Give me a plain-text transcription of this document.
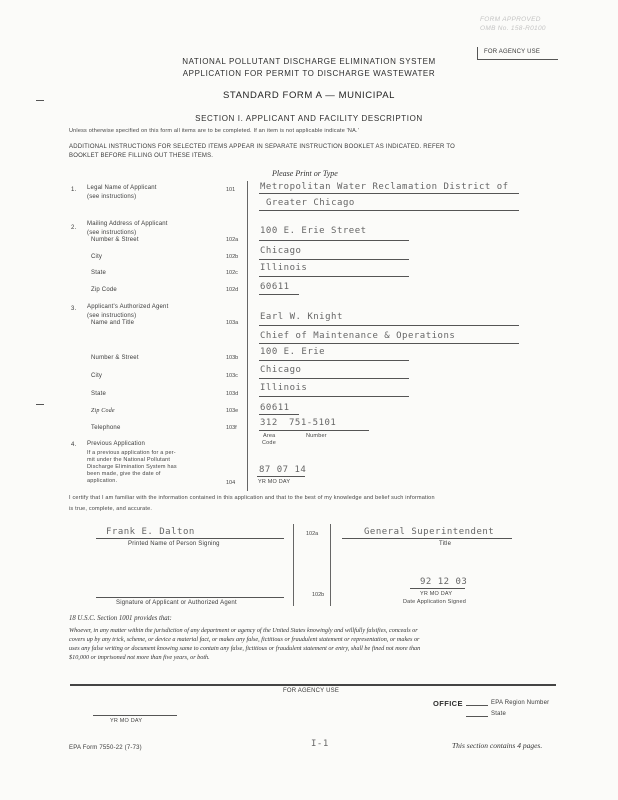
FORM APPROVED
OMB No. 158-R0100
FOR AGENCY USE
NATIONAL POLLUTANT DISCHARGE ELIMINATION SYSTEM
APPLICATION FOR PERMIT TO DISCHARGE WASTEWATER
STANDARD FORM A — MUNICIPAL
SECTION I. APPLICANT AND FACILITY DESCRIPTION
Unless otherwise specified on this form all items are to be completed. If an item is not applicable indicate 'NA.'
ADDITIONAL INSTRUCTIONS FOR SELECTED ITEMS APPEAR IN SEPARATE INSTRUCTION BOOKLET AS INDICATED. REFER TO
BOOKLET BEFORE FILLING OUT THESE ITEMS.
Please Print or Type
1. Legal Name of Applicant
(see instructions)
101	Metropolitan Water Reclamation District of
Greater Chicago
2.
Mailing Address of Applicant
(see instructions)
Number & Street	102a
100 E. Erie Street
City	102b
Chicago
State	102c Illinois
Zip Code	102d 60611
3. Applicant's Authorized Agent
(see instructions)
Name and Title	103a
Earl W. Knight
Chief of Maintenance & Operations
Number & Street	103b
100 E. Erie
City	103c
Chicago
State	103d
Illinois
Zip Code	103e 60611
Telephone	103f	312 751-5101
Area
Code
Number
4. Previous Application
If a previous application for a per-
mit under the National Pollutant
Discharge Elimination System has
been made, give the date of
application.	104
87 07 14
YR MO DAY
I certify that I am familiar with the information contained in this application and that to the best of my knowledge and belief such information
is true, complete, and accurate.
Frank E. Dalton
Printed Name of Person Signing
102a
102b
General Superintendent
Title
92 12 03
YR MO DAY
Date Application Signed
Signature of Applicant or Authorized Agent
18 U.S.C. Section 1001 provides that:
Whoever, in any matter within the jurisdiction of any department or agency of the United States knowingly and willfully falsifies, conceals or
covers up by any trick, scheme, or device a material fact, or makes any false, fictitious or fraudulent statement or representation, or makes or
uses any false writing or document knowing same to contain any false, fictitious or fraudulent statement or entry, shall be fined not more than
$10,000 or imprisoned not more than five years, or both.
FOR AGENCY USE
YR MO DAY
OFFICE	EPA Region Number
State
EPA Form 7550-22 (7-73)	I-1	This section contains 4 pages.
